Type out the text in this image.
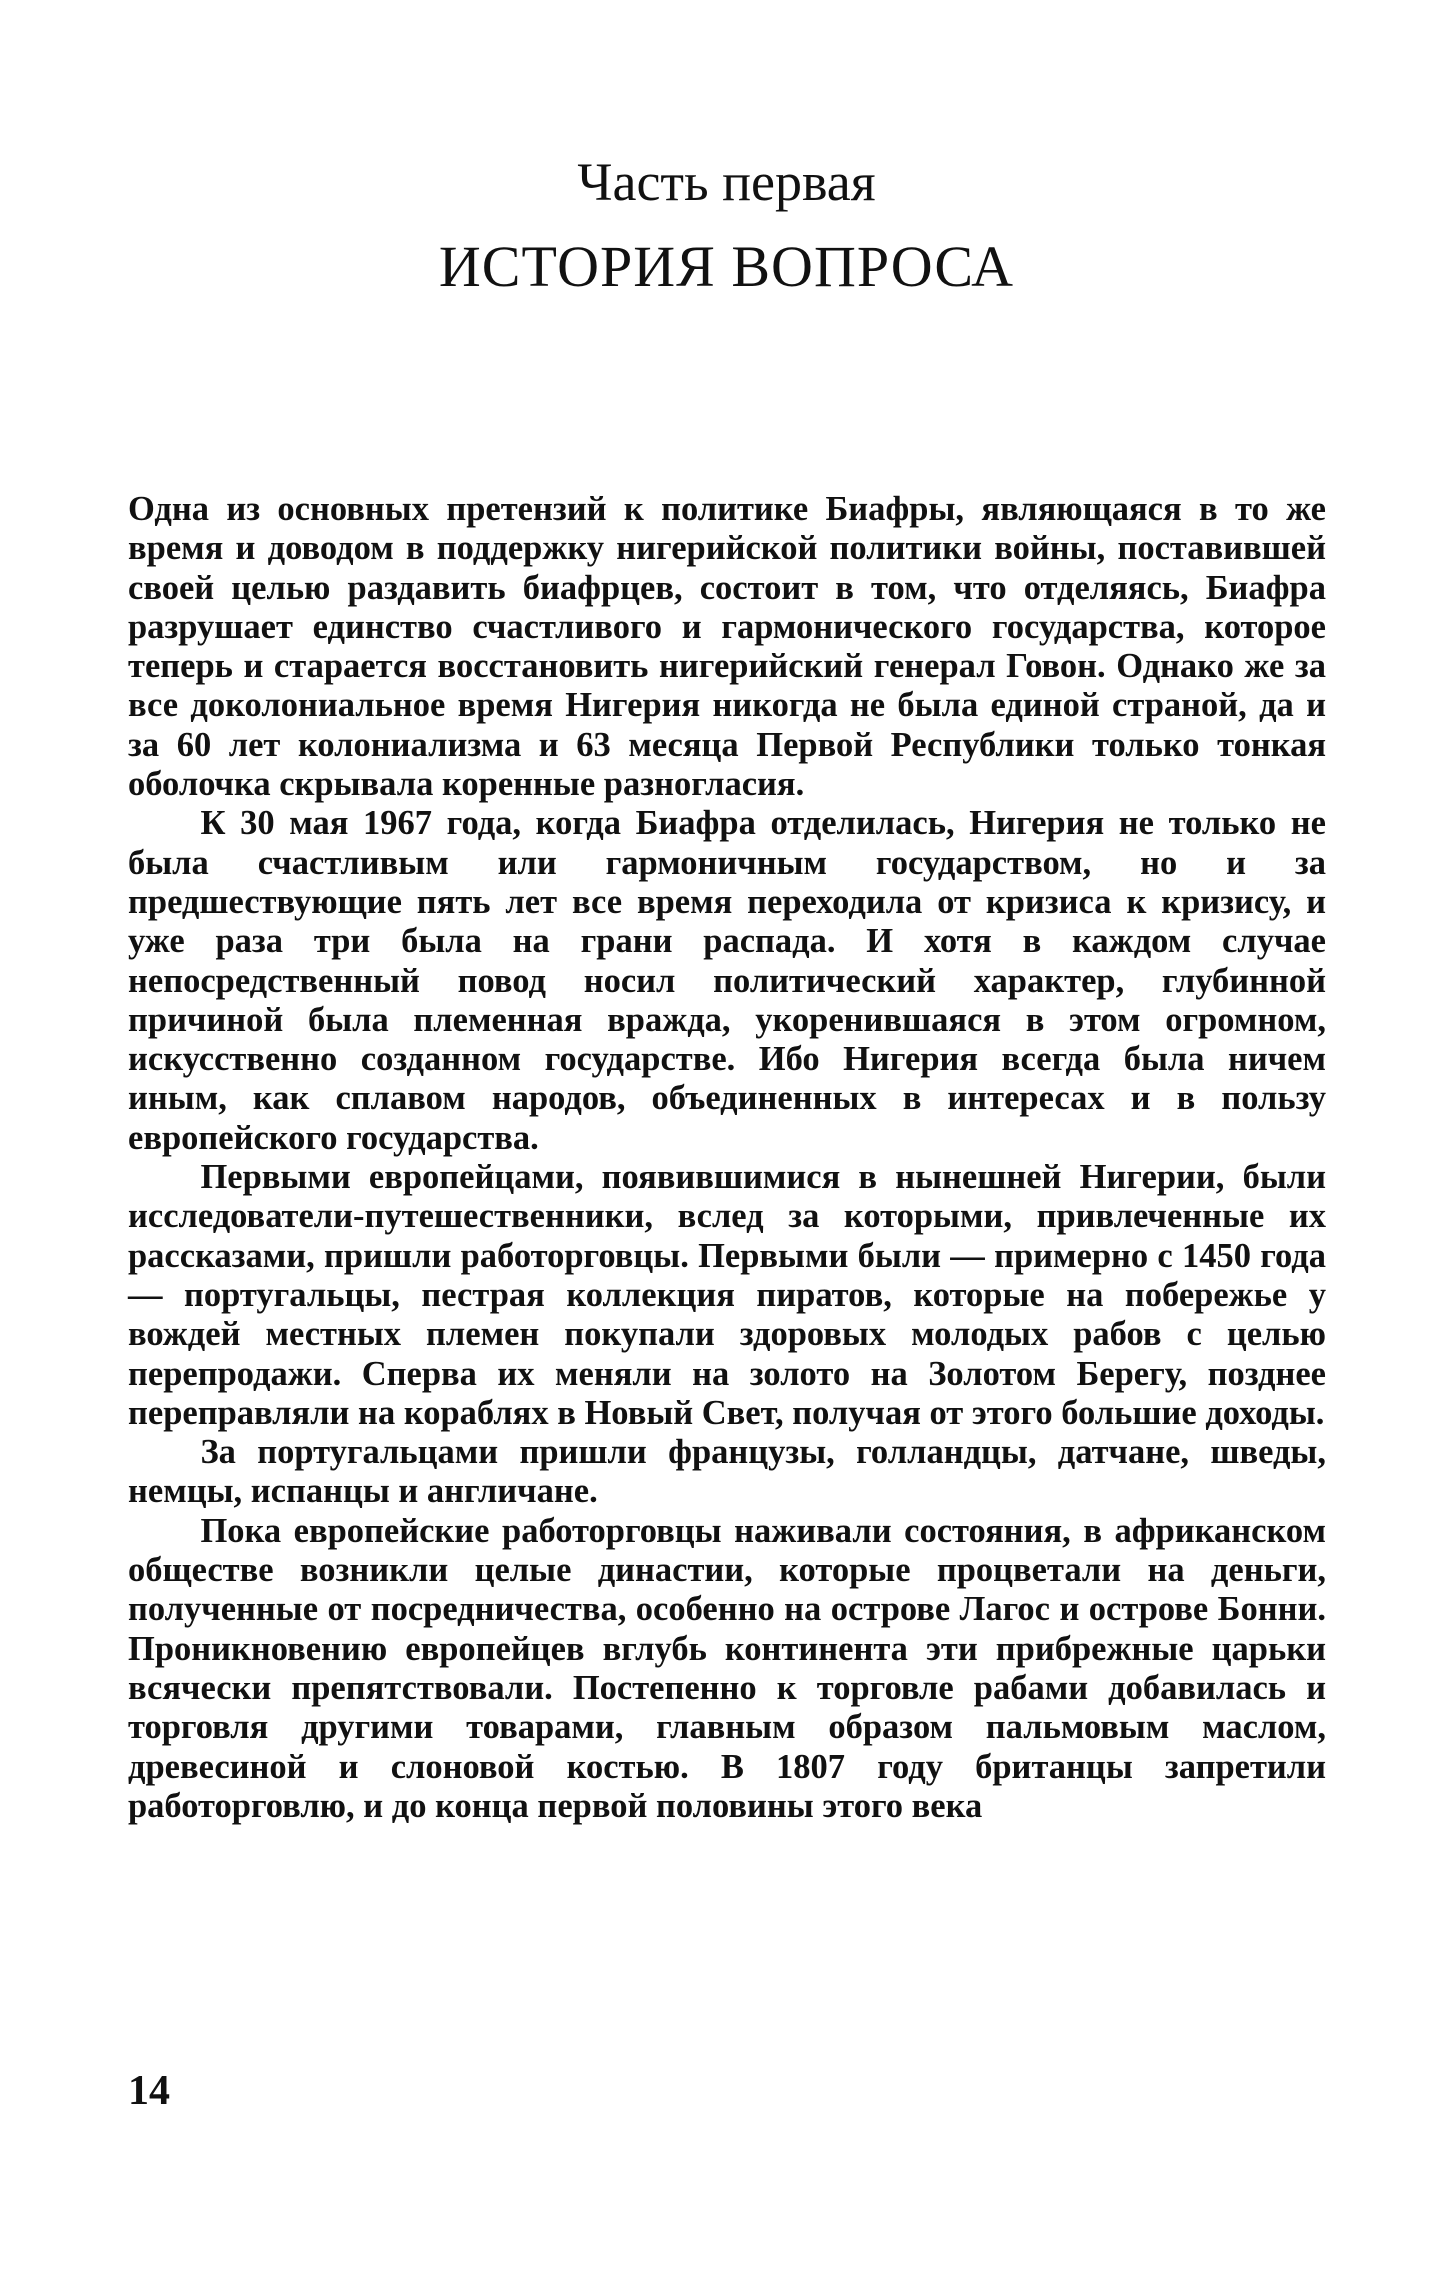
Часть первая
ИСТОРИЯ ВОПРОСА

Одна из основных претензий к политике Биафры, являющаяся в то же время и доводом в поддержку нигерийской политики войны, поставившей своей целью раздавить биафрцев, состоит в том, что отделяясь, Биафра разрушает единство счастливого и гармонического государства, которое теперь и старается восстановить нигерийский генерал Говон. Однако же за все доколониальное время Нигерия никогда не была единой страной, да и за 60 лет колониализма и 63 месяца Первой Республики только тонкая оболочка скрывала коренные разногласия.

К 30 мая 1967 года, когда Биафра отделилась, Нигерия не только не была счастливым или гармоничным государством, но и за предшествующие пять лет все время переходила от кризиса к кризису, и уже раза три была на грани распада. И хотя в каждом случае непосредственный повод носил политический характер, глубинной причиной была племенная вражда, укоренившаяся в этом огромном, искусственно созданном государстве. Ибо Нигерия всегда была ничем иным, как сплавом народов, объединенных в интересах и в пользу европейского государства.

Первыми европейцами, появившимися в нынешней Нигерии, были исследователи-путешественники, вслед за которыми, привлеченные их рассказами, пришли работорговцы. Первыми были — примерно с 1450 года — португальцы, пестрая коллекция пиратов, которые на побережье у вождей местных племен покупали здоровых молодых рабов с целью перепродажи. Сперва их меняли на золото на Золотом Берегу, позднее переправляли на кораблях в Новый Свет, получая от этого большие доходы.

За португальцами пришли французы, голландцы, датчане, шведы, немцы, испанцы и англичане.

Пока европейские работорговцы наживали состояния, в африканском обществе возникли целые династии, которые процветали на деньги, полученные от посредничества, особенно на острове Лагос и острове Бонни. Проникновению европейцев вглубь континента эти прибрежные царьки всячески препятствовали. Постепенно к торговле рабами добавилась и торговля другими товарами, главным образом пальмовым маслом, древесиной и слоновой костью. В 1807 году британцы запретили работорговлю, и до конца первой половины этого века

14
